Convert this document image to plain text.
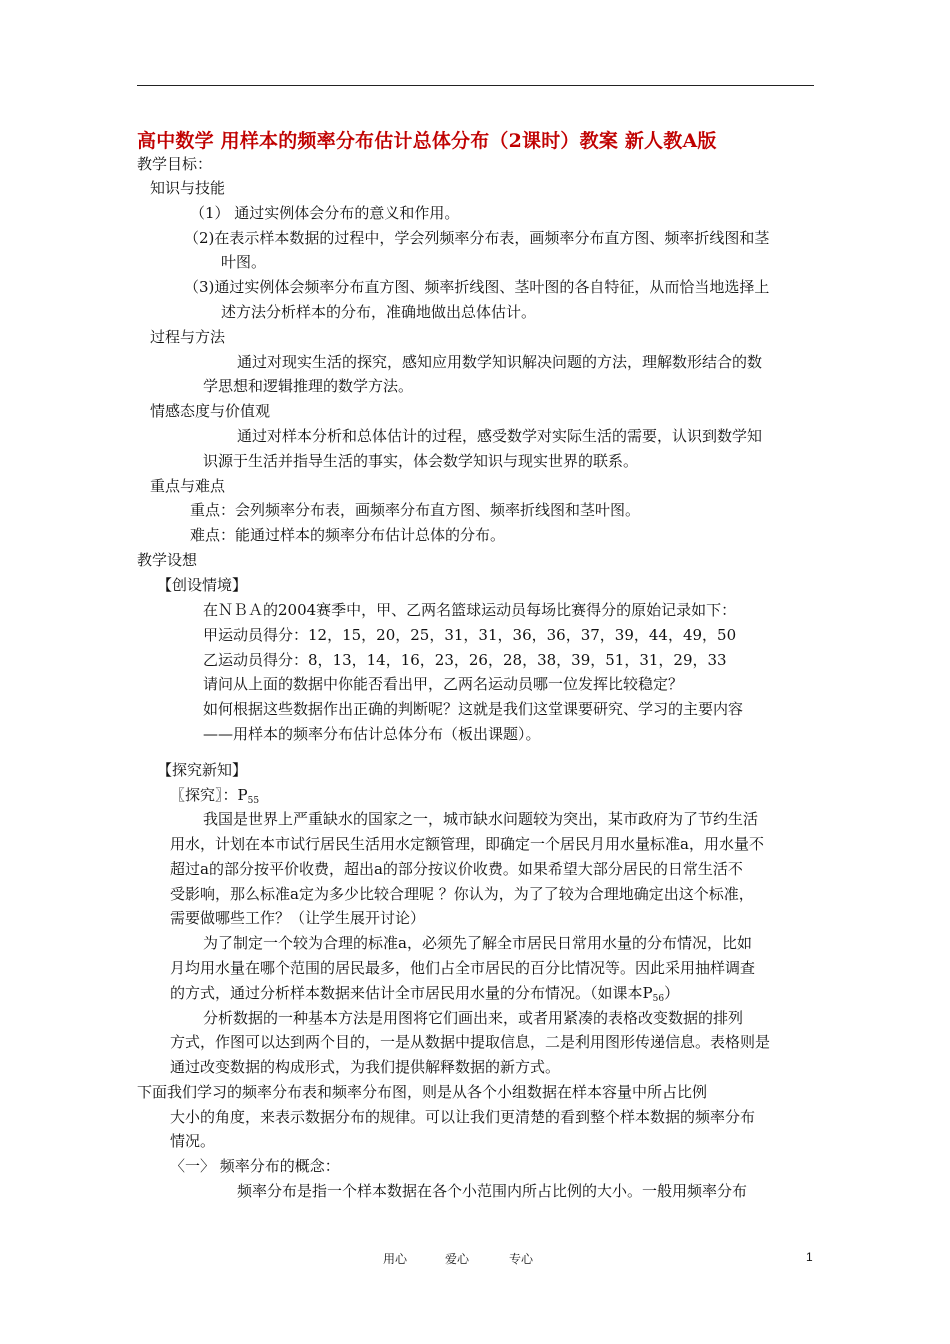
高中数学 用样本的频率分布估计总体分布（2课时）教案 新人教A版
教学目标：
知识与技能
（1） 通过实例体会分布的意义和作用。
（2)在表示样本数据的过程中，学会列频率分布表，画频率分布直方图、频率折线图和茎
叶图。
（3)通过实例体会频率分布直方图、频率折线图、茎叶图的各自特征，从而恰当地选择上
述方法分析样本的分布，准确地做出总体估计。
过程与方法
通过对现实生活的探究，感知应用数学知识解决问题的方法，理解数形结合的数
学思想和逻辑推理的数学方法。
情感态度与价值观
通过对样本分析和总体估计的过程，感受数学对实际生活的需要，认识到数学知
识源于生活并指导生活的事实，体会数学知识与现实世界的联系。
重点与难点
重点：会列频率分布表，画频率分布直方图、频率折线图和茎叶图。
难点：能通过样本的频率分布估计总体的分布。
教学设想
【创设情境】
在ＮＢＡ的2004赛季中，甲、乙两名篮球运动员每场比赛得分的原始记录如下：
甲运动员得分：12，15，20，25，31，31，36，36，37，39，44，49，50
乙运动员得分：8，13，14，16，23，26，28，38，39，51，31，29，33
请问从上面的数据中你能否看出甲，乙两名运动员哪一位发挥比较稳定？
如何根据这些数据作出正确的判断呢？这就是我们这堂课要研究、学习的主要内容
——用样本的频率分布估计总体分布（板出课题）。
【探究新知】
〖探究〗：$P_{55}$
我国是世界上严重缺水的国家之一，城市缺水问题较为突出，某市政府为了节约生活
用水，计划在本市试行居民生活用水定额管理，即确定一个居民月用水量标准a，用水量不
超过a的部分按平价收费，超出a的部分按议价收费。如果希望大部分居民的日常生活不
受影响，那么标准a定为多少比较合理呢 ？你认为，为了了较为合理地确定出这个标准，
需要做哪些工作？（让学生展开讨论）
为了制定一个较为合理的标准a，必须先了解全市居民日常用水量的分布情况，比如
月均用水量在哪个范围的居民最多，他们占全市居民的百分比情况等。因此采用抽样调查
的方式，通过分析样本数据来估计全市居民用水量的分布情况。（如课本$P_{56}$）
分析数据的一种基本方法是用图将它们画出来，或者用紧凑的表格改变数据的排列
方式，作图可以达到两个目的，一是从数据中提取信息，二是利用图形传递信息。表格则是
通过改变数据的构成形式，为我们提供解释数据的新方式。
下面我们学习的频率分布表和频率分布图，则是从各个小组数据在样本容量中所占比例
大小的角度，来表示数据分布的规律。可以让我们更清楚的看到整个样本数据的频率分布
情况。
〈一〉 频率分布的概念：
频率分布是指一个样本数据在各个小范围内所占比例的大小。一般用频率分布
用心	爱心	专心	1
